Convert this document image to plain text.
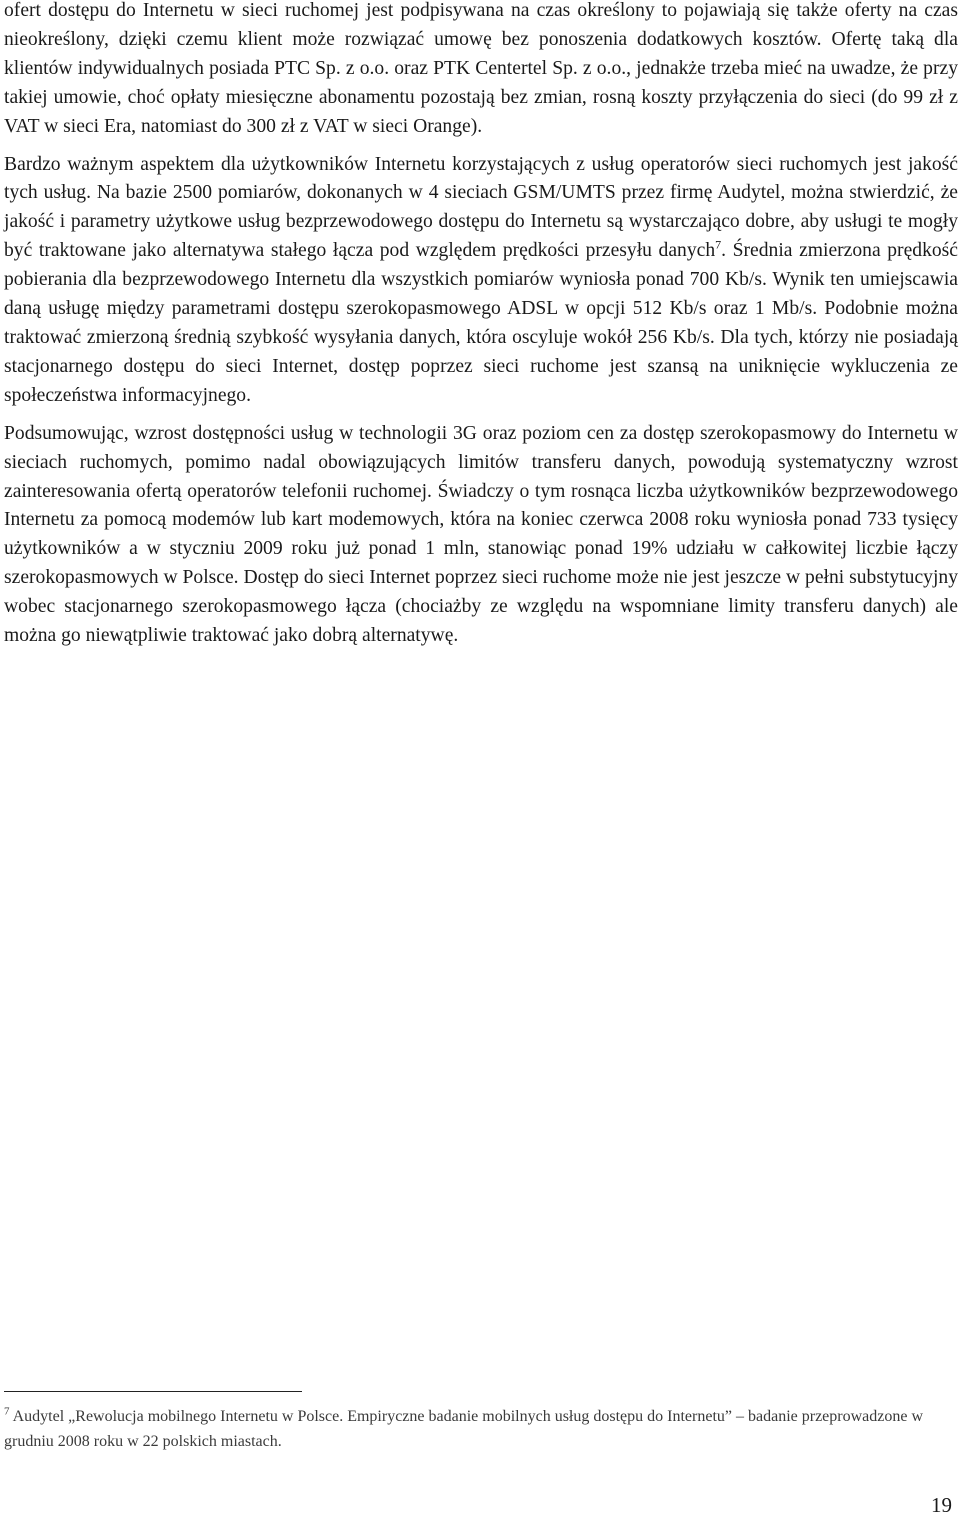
ofert dostępu do Internetu w sieci ruchomej jest podpisywana na czas określony to pojawiają się także oferty na czas nieokreślony, dzięki czemu klient może rozwiązać umowę bez ponoszenia dodatkowych kosztów. Ofertę taką dla klientów indywidualnych posiada PTC Sp. z o.o. oraz PTK Centertel Sp. z o.o., jednakże trzeba mieć na uwadze, że przy takiej umowie, choć opłaty miesięczne abonamentu pozostają bez zmian, rosną koszty przyłączenia do sieci (do 99 zł z VAT w sieci Era, natomiast do 300 zł z VAT w sieci Orange).

Bardzo ważnym aspektem dla użytkowników Internetu korzystających z usług operatorów sieci ruchomych jest jakość tych usług. Na bazie 2500 pomiarów, dokonanych w 4 sieciach GSM/UMTS przez firmę Audytel, można stwierdzić, że jakość i parametry użytkowe usług bezprzewodowego dostępu do Internetu są wystarczająco dobre, aby usługi te mogły być traktowane jako alternatywa stałego łącza pod względem prędkości przesyłu danych$^7$. Średnia zmierzona prędkość pobierania dla bezprzewodowego Internetu dla wszystkich pomiarów wyniosła ponad 700 Kb/s. Wynik ten umiejscawia daną usługę między parametrami dostępu szerokopasmowego ADSL w opcji 512 Kb/s oraz 1 Mb/s. Podobnie można traktować zmierzoną średnią szybkość wysyłania danych, która oscyluje wokół 256 Kb/s. Dla tych, którzy nie posiadają stacjonarnego dostępu do sieci Internet, dostęp poprzez sieci ruchome jest szansą na uniknięcie wykluczenia ze społeczeństwa informacyjnego.

Podsumowując, wzrost dostępności usług w technologii 3G oraz poziom cen za dostęp szerokopasmowy do Internetu w sieciach ruchomych, pomimo nadal obowiązujących limitów transferu danych, powodują systematyczny wzrost zainteresowania ofertą operatorów telefonii ruchomej. Świadczy o tym rosnąca liczba użytkowników bezprzewodowego Internetu za pomocą modemów lub kart modemowych, która na koniec czerwca 2008 roku wyniosła ponad 733 tysięcy użytkowników a w styczniu 2009 roku już ponad 1 mln, stanowiąc ponad 19% udziału w całkowitej liczbie łączy szerokopasmowych w Polsce. Dostęp do sieci Internet poprzez sieci ruchome może nie jest jeszcze w pełni substytucyjny wobec stacjonarnego szerokopasmowego łącza (chociażby ze względu na wspomniane limity transferu danych) ale można go niewątpliwie traktować jako dobrą alternatywę.

$^7$ Audytel „Rewolucja mobilnego Internetu w Polsce. Empiryczne badanie mobilnych usług dostępu do Internetu” – badanie przeprowadzone w grudniu 2008 roku w 22 polskich miastach.

19
